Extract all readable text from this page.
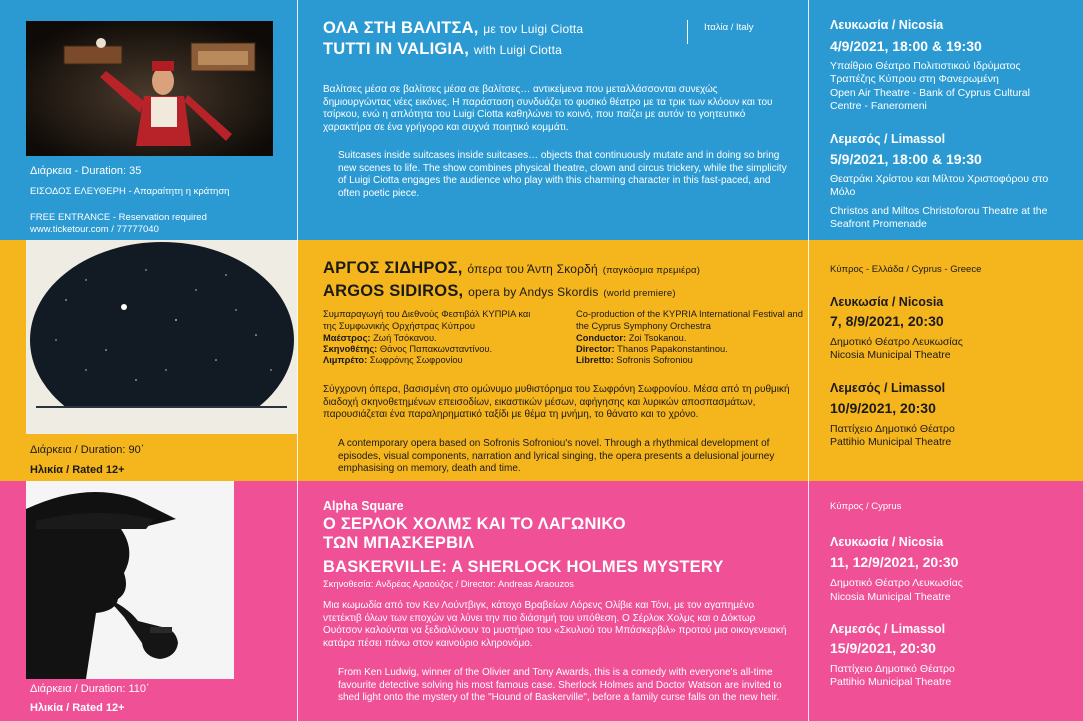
Διάρκεια - Duration: 35
ΕΙΣΟΔΟΣ ΕΛΕΥΘΕΡΗ - Απαραίτητη η κράτηση
FREE ENTRANCE - Reservation required
www.ticketour.com / 77777040
ΟΛΑ ΣΤΗ ΒΑΛΙΤΣΑ, με τον Luigi Ciotta
TUTTI IN VALIGIA, with Luigi Ciotta
Ιταλία / Italy
Βαλίτσες μέσα σε βαλίτσες μέσα σε βαλίτσες… αντικείμενα που μεταλλάσσονται συνεχώς δημιουργώντας νέες εικόνες. Η παράσταση συνδυάζει το φυσικό θέατρο με τα τρικ των κλόουν και του τσίρκου, ενώ η απλότητα του Luigi Ciotta καθηλώνει το κοινό, που παίζει με αυτόν το γοητευτικό χαρακτήρα σε ένα γρήγορο και συχνά ποιητικό κομμάτι.
Suitcases inside suitcases inside suitcases… objects that continuously mutate and in doing so bring new scenes to life. The show combines physical theatre, clown and circus trickery, while the simplicity of Luigi Ciotta engages the audience who play with this charming character in this fast-paced, and often poetic piece.
Λευκωσία / Nicosia
4/9/2021, 18:00 & 19:30
Υπαίθριο Θέατρο Πολιτιστικού Ιδρύματος Τραπέζης Κύπρου στη Φανερωμένη
Open Air Theatre - Bank of Cyprus Cultural Centre - Faneromeni
Λεμεσός / Limassol
5/9/2021, 18:00 & 19:30
Θεατράκι Χρίστου και Μίλτου Χριστοφόρου στο Μόλο
Christos and Miltos Christoforou Theatre at the Seafront Promenade
Διάρκεια / Duration: 90΄
Ηλικία / Rated 12+
ΑΡΓΟΣ ΣΙΔΗΡΟΣ, όπερα του Άντη Σκορδή (παγκόσμια πρεμιέρα)
ARGOS SIDIROS, opera by Andys Skordis (world premiere)
Συμπαραγωγή του Διεθνούς Φεστιβάλ ΚΥΠΡΙΑ και της Συμφωνικής Ορχήστρας Κύπρου
Co-production of the KYPRIA International Festival and the Cyprus Symphony Orchestra
Μαέστρος: Ζωή Τσόκανου.
Σκηνοθέτης: Θάνος Παπακωνσταντίνου.
Λιμπρέτο: Σωφρόνης Σωφρονίου
Conductor: Zoi Tsokanou.
Director: Thanos Papakonstantinou.
Libretto: Sofronis Sofroniou
Σύγχρονη όπερα, βασισμένη στο ομώνυμο μυθιστόρημα του Σωφρόνη Σωφρονίου. Μέσα από τη ρυθμική διαδοχή σκηνοθετημένων επεισοδίων, εικαστικών μέσων, αφήγησης και λυρικών αποσπασμάτων, παρουσιάζεται ένα παραληρηματικό ταξίδι με θέμα τη μνήμη, το θάνατο και το χρόνο.
A contemporary opera based on Sofronis Sofroniou's novel. Through a rhythmical development of episodes, visual components, narration and lyrical singing, the opera presents a delusional journey emphasising on memory, death and time.
Κύπρος - Ελλάδα / Cyprus - Greece
Λευκωσία / Nicosia
7, 8/9/2021, 20:30
Δημοτικό Θέατρο Λευκωσίας
Nicosia Municipal Theatre
Λεμεσός / Limassol
10/9/2021, 20:30
Παττίχειο Δημοτικό Θέατρο
Pattihio Municipal Theatre
Διάρκεια / Duration: 110΄
Ηλικία / Rated 12+
Alpha Square
Ο ΣΕΡΛΟΚ ΧΟΛΜΣ ΚΑΙ ΤΟ ΛΑΓΩΝΙΚΟ
ΤΩΝ ΜΠΑΣΚΕΡΒΙΛ
BASKERVILLE: A SHERLOCK HOLMES MYSTERY
Σκηνοθεσία: Ανδρέας Αραούζος / Director: Andreas Araouzos
Μια κωμωδία από τον Κεν Λούντβιγκ, κάτοχο Βραβείων Λόρενς Ολίβιε και Τόνι, με τον αγαπημένο ντετέκτιβ όλων των εποχών να λύνει την πιο διάσημή του υπόθεση. Ο Σέρλοκ Χολμς και ο Δόκτωρ Ουότσον καλούνται να ξεδιαλύνουν το μυστήριο του «Σκυλιού του Μπάσκερβιλ» προτού μια οικογενειακή κατάρα πέσει πάνω στον καινούριο κληρονόμο.
From Ken Ludwig, winner of the Olivier and Tony Awards, this is a comedy with everyone's all-time favourite detective solving his most famous case. Sherlock Holmes and Doctor Watson are invited to shed light onto the mystery of the "Hound of Baskerville", before a family curse falls on the new heir.
Κύπρος / Cyprus
Λευκωσία / Nicosia
11, 12/9/2021, 20:30
Δημοτικό Θέατρο Λευκωσίας
Nicosia Municipal Theatre
Λεμεσός / Limassol
15/9/2021, 20:30
Παττίχειο Δημοτικό Θέατρο
Pattihio Municipal Theatre
